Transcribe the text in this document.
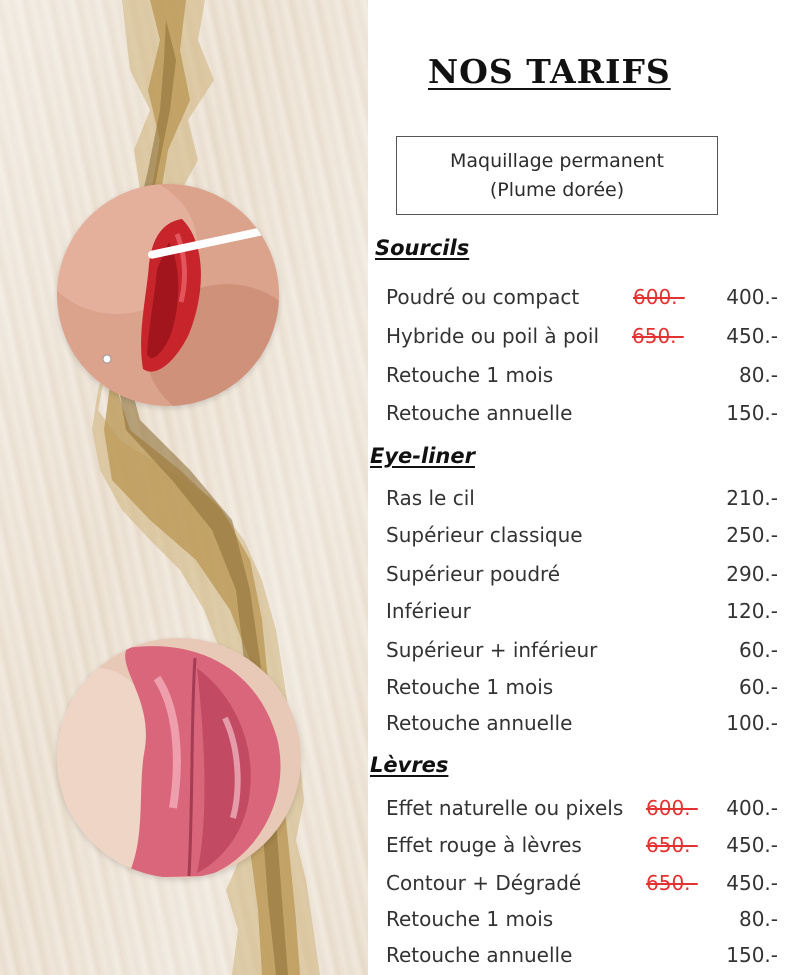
NOS TARIFS
Maquillage permanent
(Plume dorée)
Sourcils
Poudré ou compact	600.- 400.-
Hybride ou poil à poil 650.- 450.-
Retouche 1 mois	80.-
Retouche annuelle	150.-
Eye-liner
Ras le cil	210.-
Supérieur classique	250.-
Supérieur poudré	290.-
Inférieur	120.-
Supérieur + inférieur	60.-
Retouche 1 mois	60.-
Retouche annuelle	100.-
Lèvres
Effet naturelle ou pixels 600.- 400.-
Effet rouge à lèvres	650.- 450.-
Contour + Dégradé	650.- 450.-
Retouche 1 mois	80.-
Retouche annuelle	150.-
